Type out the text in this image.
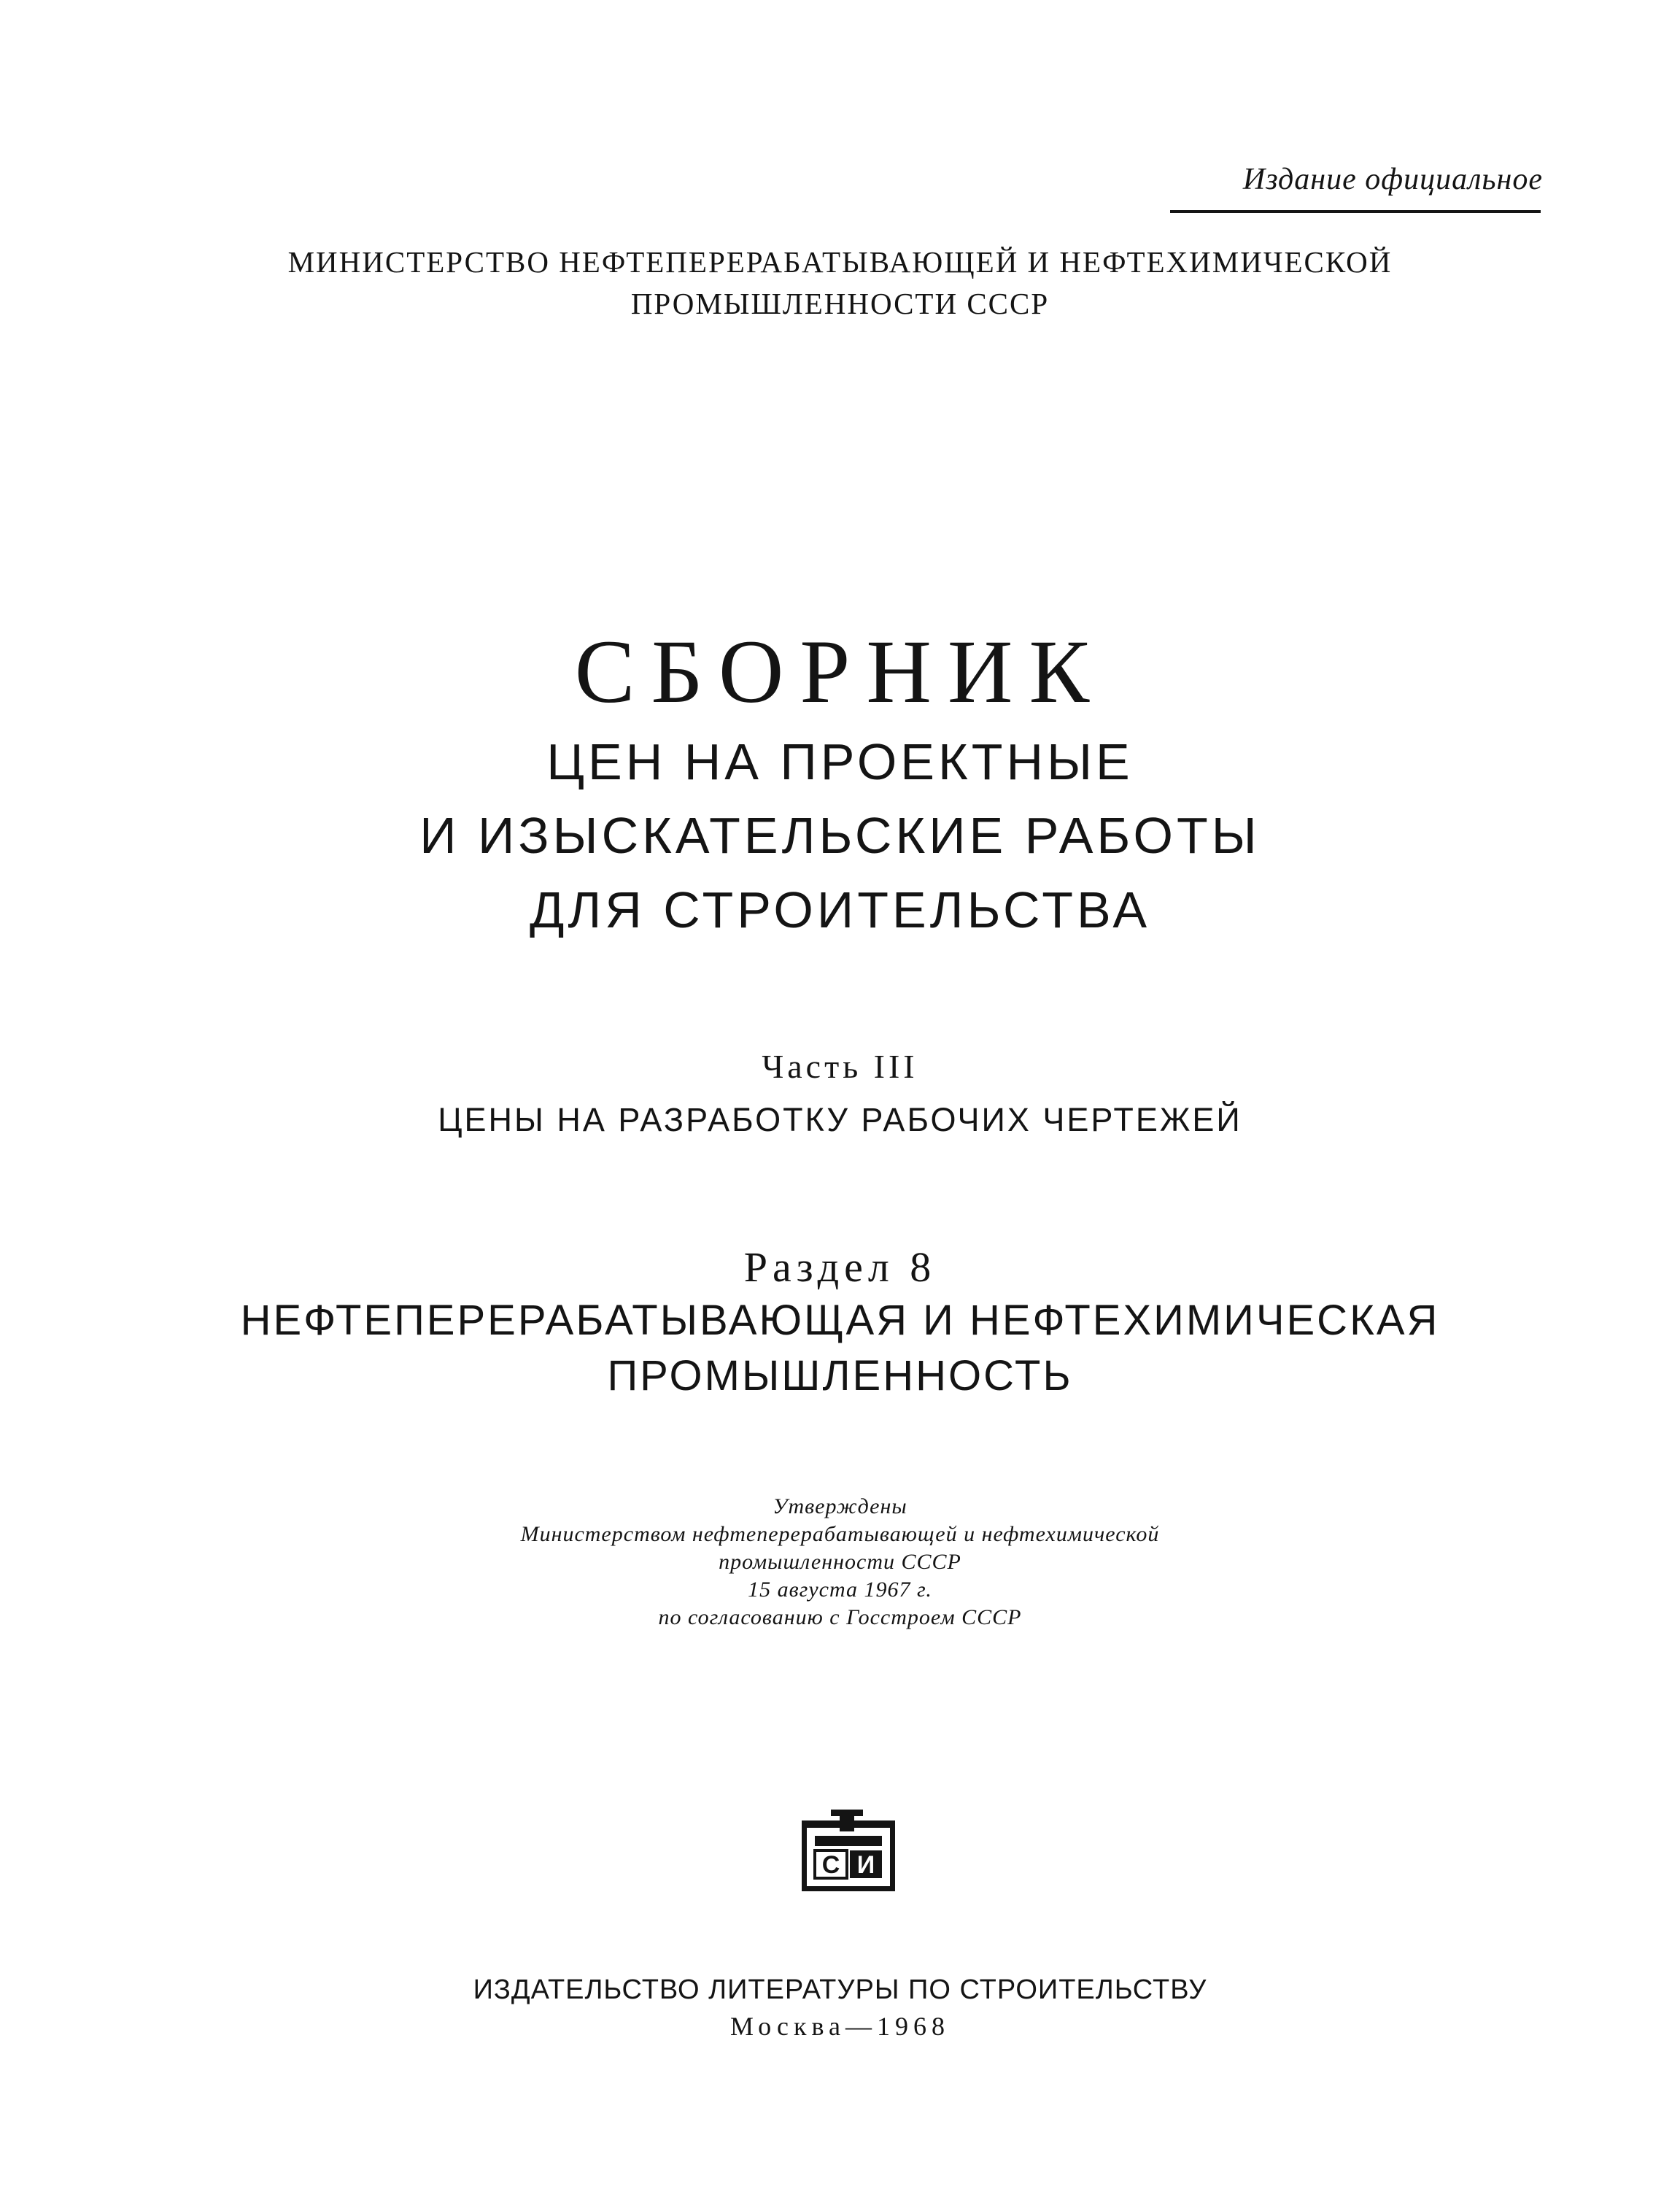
Издание официальное
МИНИСТЕРСТВО НЕФТЕПЕРЕРАБАТЫВАЮЩЕЙ И НЕФТЕХИМИЧЕСКОЙ
ПРОМЫШЛЕННОСТИ СССР
СБОРНИК
ЦЕН НА ПРОЕКТНЫЕ
И ИЗЫСКАТЕЛЬСКИЕ РАБОТЫ
ДЛЯ СТРОИТЕЛЬСТВА
Часть III
ЦЕНЫ НА РАЗРАБОТКУ РАБОЧИХ ЧЕРТЕЖЕЙ
Раздел 8
НЕФТЕПЕРЕРАБАТЫВАЮЩАЯ И НЕФТЕХИМИЧЕСКАЯ
ПРОМЫШЛЕННОСТЬ
Утверждены
Министерством нефтеперерабатывающей и нефтехимической
промышленности СССР
15 августа 1967 г.
по согласованию с Госстроем СССР
С И
ИЗДАТЕЛЬСТВО ЛИТЕРАТУРЫ ПО СТРОИТЕЛЬСТВУ
Москва—1968
